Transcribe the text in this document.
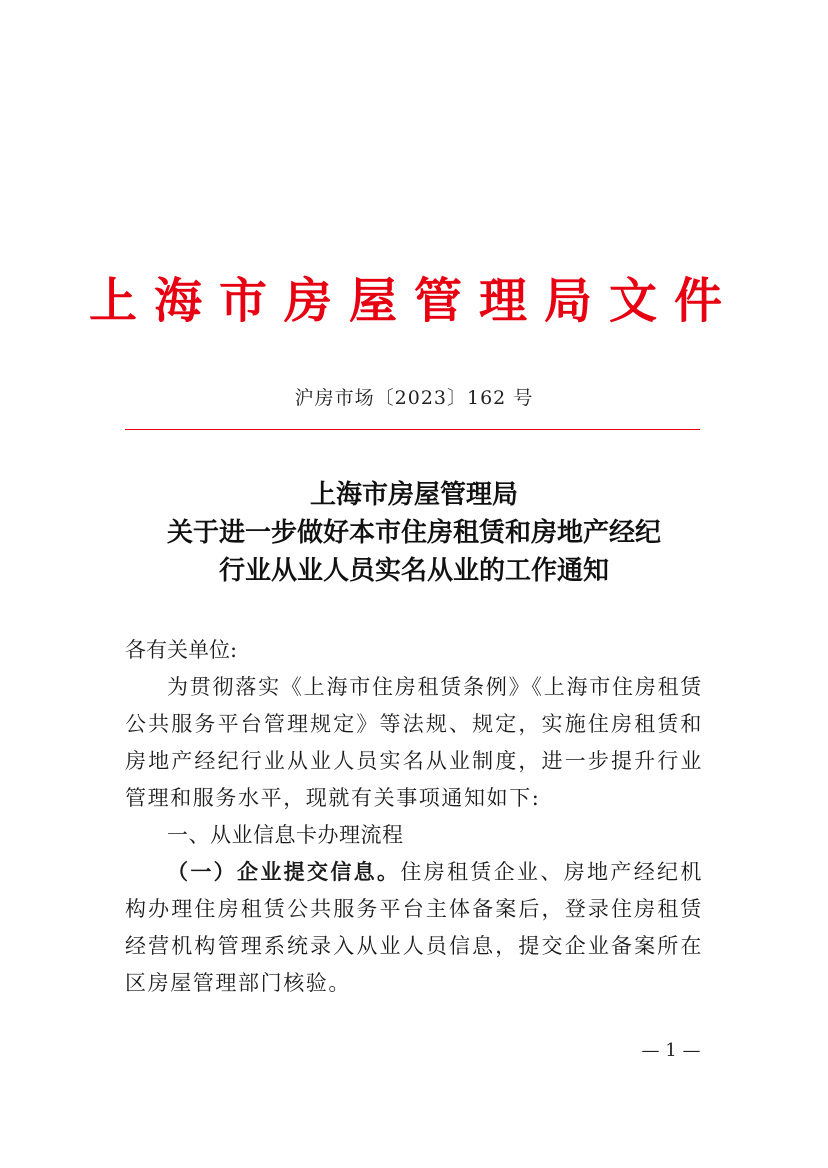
上海市房屋管理局文件
沪房市场〔2023〕162 号
上海市房屋管理局
关于进一步做好本市住房租赁和房地产经纪
行业从业人员实名从业的工作通知
各有关单位:

为贯彻落实《上海市住房租赁条例》《上海市住房租赁公共服务平台管理规定》等法规、规定，实施住房租赁和房地产经纪行业从业人员实名从业制度，进一步提升行业管理和服务水平，现就有关事项通知如下:

一、从业信息卡办理流程

（一）企业提交信息。住房租赁企业、房地产经纪机构办理住房租赁公共服务平台主体备案后，登录住房租赁经营机构管理系统录入从业人员信息，提交企业备案所在区房屋管理部门核验。

— 1 —
